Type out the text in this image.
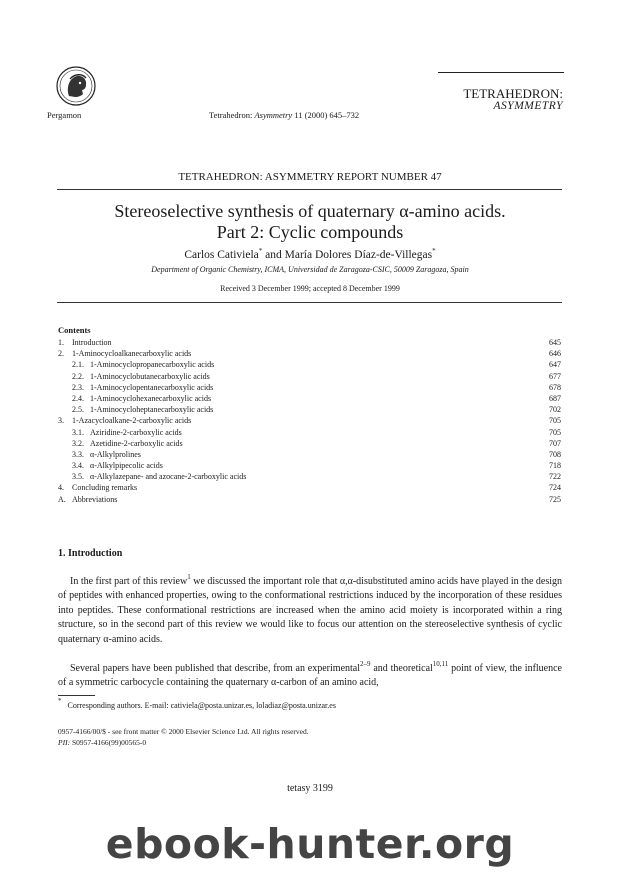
Pergamon	Tetrahedron: Asymmetry 11 (2000) 645–732
TETRAHEDRON:
ASYMMETRY
TETRAHEDRON: ASYMMETRY REPORT NUMBER 47
Stereoselective synthesis of quaternary α-amino acids.
Part 2: Cyclic compounds
Carlos Cativiela* and María Dolores Díaz-de-Villegas*
Department of Organic Chemistry, ICMA, Universidad de Zaragoza-CSIC, 50009 Zaragoza, Spain
Received 3 December 1999; accepted 8 December 1999
Contents
1. Introduction	645
2. 1-Aminocycloalkanecarboxylic acids	646
2.1. 1-Aminocyclopropanecarboxylic acids	647
2.2. 1-Aminocyclobutanecarboxylic acids	677
2.3. 1-Aminocyclopentanecarboxylic acids	678
2.4. 1-Aminocyclohexanecarboxylic acids	687
2.5. 1-Aminocycloheptanecarboxylic acids	702
3. 1-Azacycloalkane-2-carboxylic acids	705
3.1. Aziridine-2-carboxylic acids	705
3.2. Azetidine-2-carboxylic acids	707
3.3. α-Alkylprolines	708
3.4. α-Alkylpipecolic acids	718
3.5. α-Alkylazepane- and azocane-2-carboxylic acids	722
4. Concluding remarks	724
A. Abbreviations	725
1. Introduction
In the first part of this review$^1$ we discussed the important role that α,α-disubstituted amino acids have played in the design of peptides with enhanced properties, owing to the conformational restrictions induced by the incorporation of these residues into peptides. These conformational restrictions are increased when the amino acid moiety is incorporated within a ring structure, so in the second part of this review we would like to focus our attention on the stereoselective synthesis of cyclic quaternary α-amino acids.
Several papers have been published that describe, from an experimental$^{2-9}$ and theoretical$^{10,11}$ point of view, the influence of a symmetric carbocycle containing the quaternary α-carbon of an amino acid,
* Corresponding authors. E-mail: cativiela@posta.unizar.es, loladiaz@posta.unizar.es
0957-4166/00/$ - see front matter © 2000 Elsevier Science Ltd. All rights reserved.
PII: S0957-4166(99)00565-0
tetasy 3199
ebook-hunter.org
